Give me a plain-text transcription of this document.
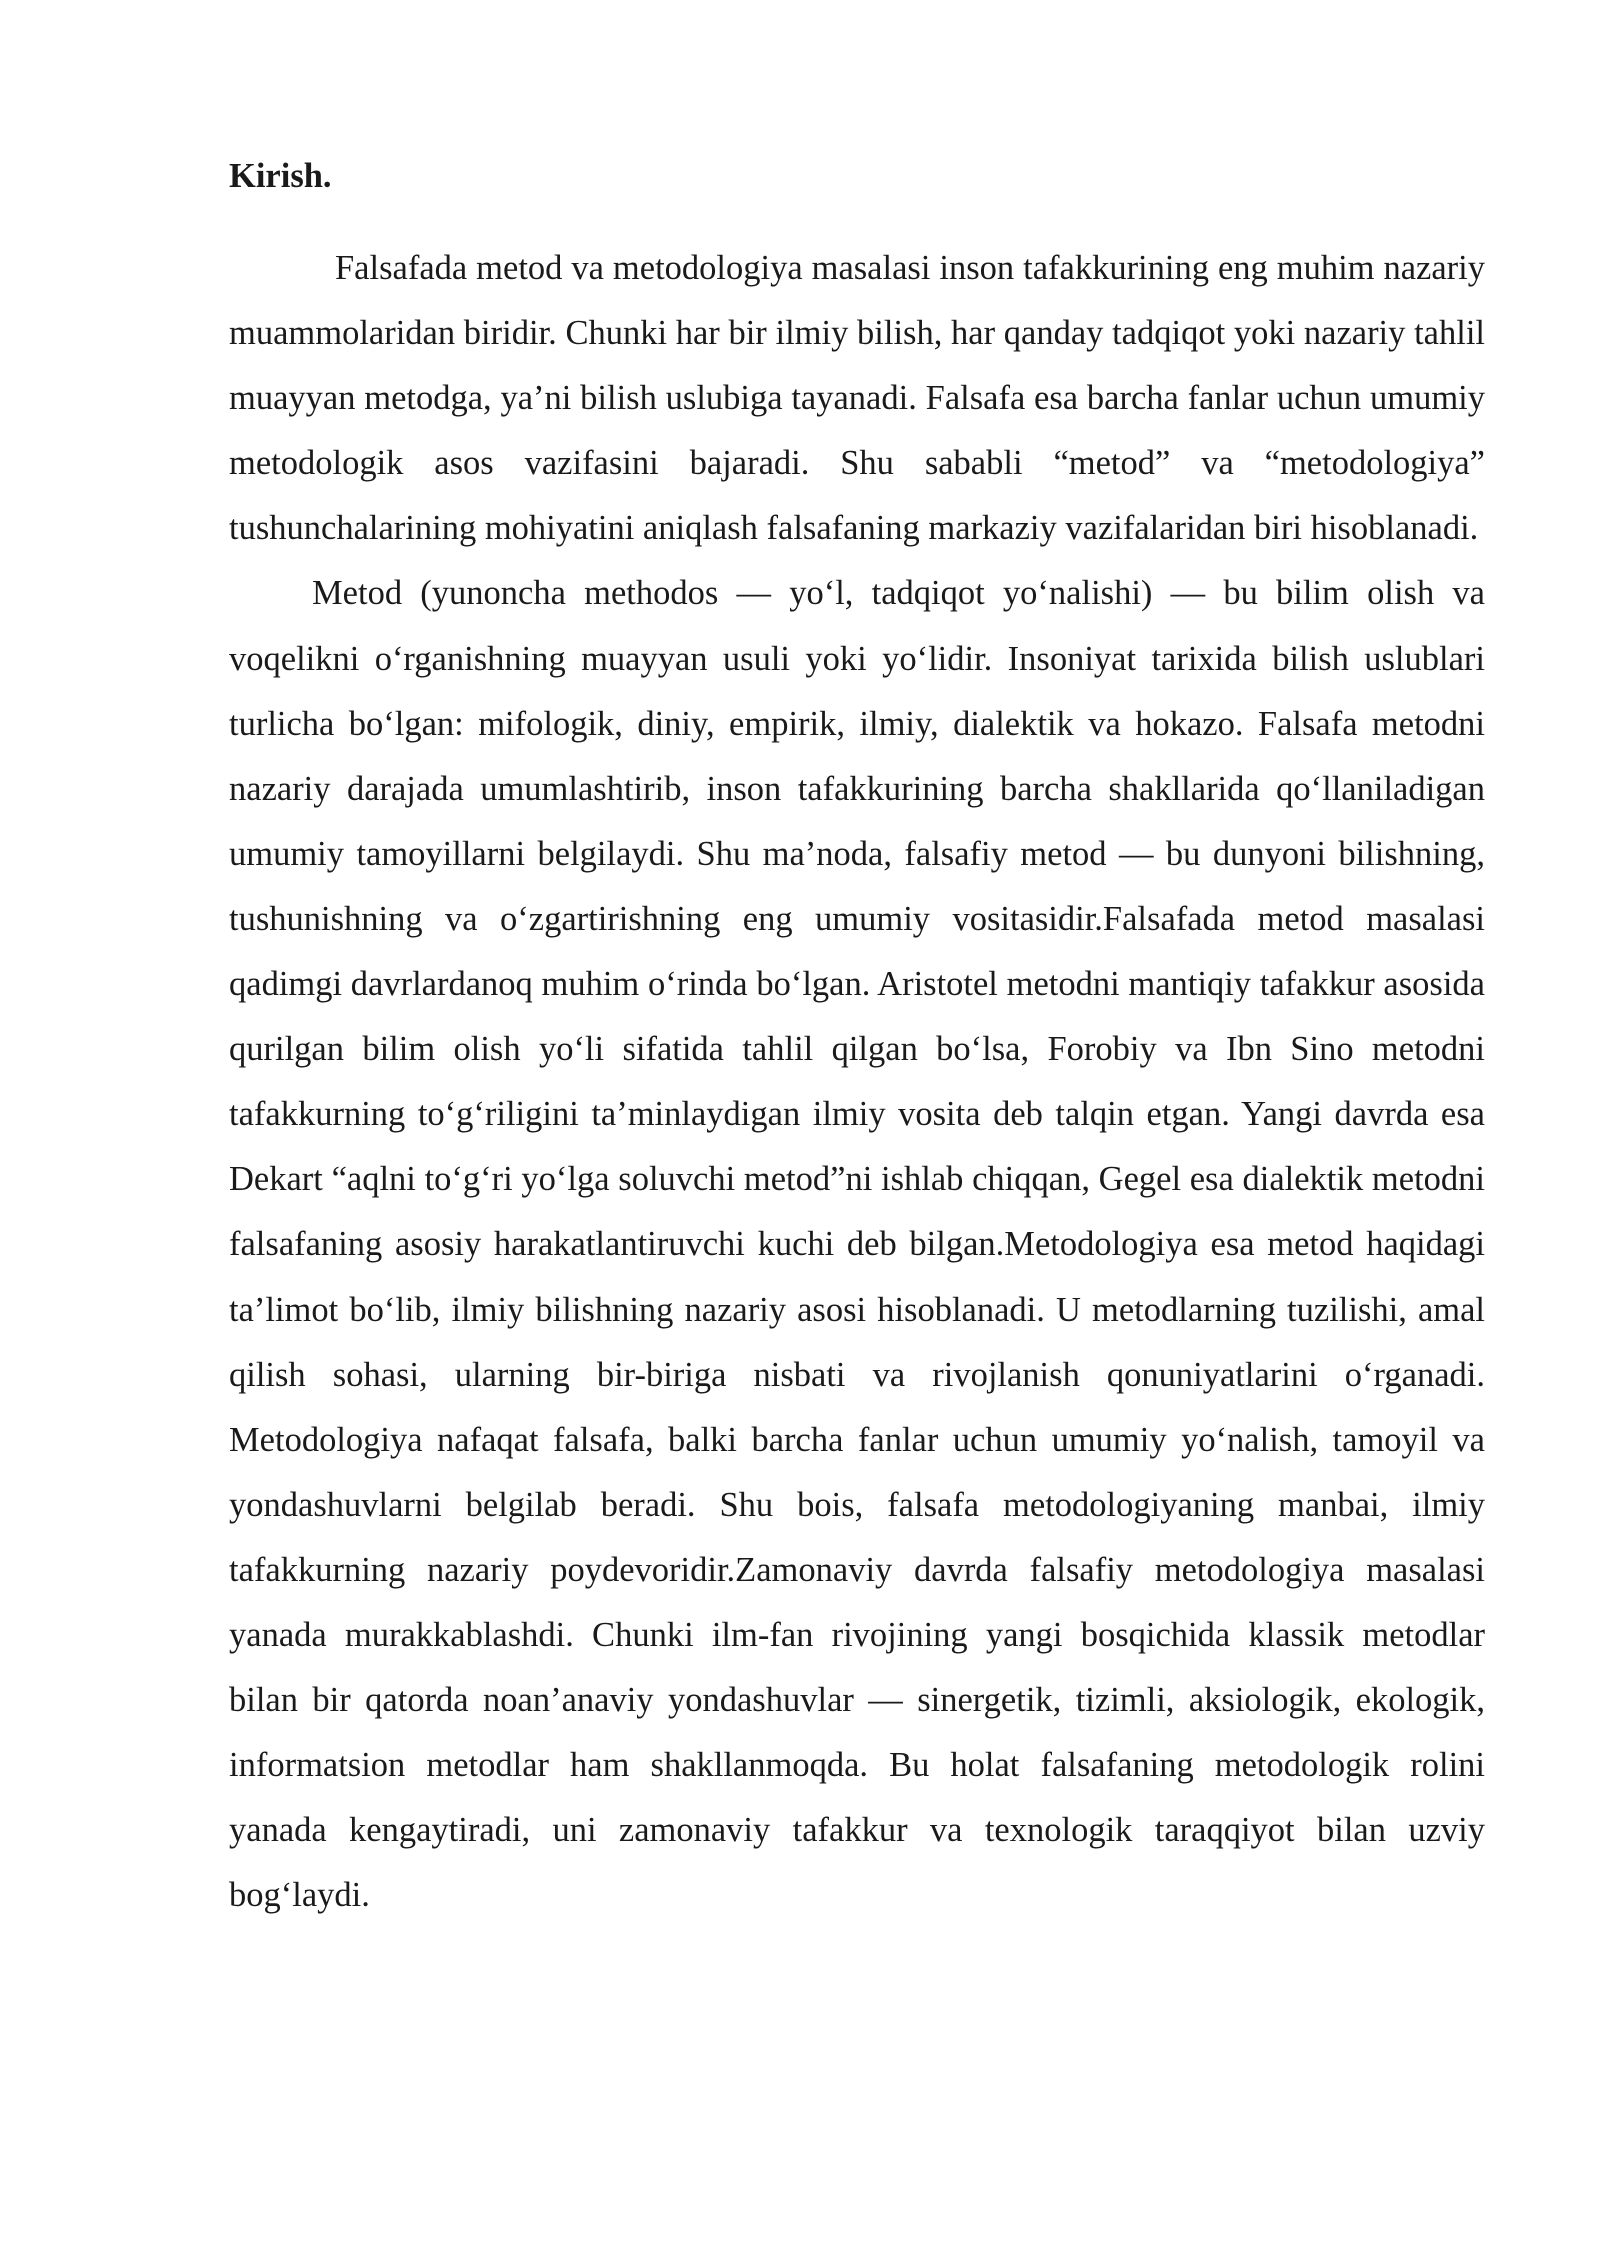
Kirish.

Falsafada metod va metodologiya masalasi inson tafakkurining eng muhim nazariy muammolaridan biridir. Chunki har bir ilmiy bilish, har qanday tadqiqot yoki nazariy tahlil muayyan metodga, ya’ni bilish uslubiga tayanadi. Falsafa esa barcha fanlar uchun umumiy metodologik asos vazifasini bajaradi. Shu sababli “metod” va “metodologiya” tushunchalarining mohiyatini aniqlash falsafaning markaziy vazifalaridan biri hisoblanadi.

Metod (yunoncha methodos — yo‘l, tadqiqot yo‘nalishi) — bu bilim olish va voqelikni o‘rganishning muayyan usuli yoki yo‘lidir. Insoniyat tarixida bilish uslublari turlicha bo‘lgan: mifologik, diniy, empirik, ilmiy, dialektik va hokazo. Falsafa metodni nazariy darajada umumlashtirib, inson tafakkurining barcha shakllarida qo‘llaniladigan umumiy tamoyillarni belgilaydi. Shu ma’noda, falsafiy metod — bu dunyoni bilishning, tushunishning va o‘zgartirishning eng umumiy vositasidir.Falsafada metod masalasi qadimgi davrlardanoq muhim o‘rinda bo‘lgan. Aristotel metodni mantiqiy tafakkur asosida qurilgan bilim olish yo‘li sifatida tahlil qilgan bo‘lsa, Forobiy va Ibn Sino metodni tafakkurning to‘g‘riligini ta’minlaydigan ilmiy vosita deb talqin etgan. Yangi davrda esa Dekart “aqlni to‘g‘ri yo‘lga soluvchi metod”ni ishlab chiqqan, Gegel esa dialektik metodni falsafaning asosiy harakatlantiruvchi kuchi deb bilgan.Metodologiya esa metod haqidagi ta’limot bo‘lib, ilmiy bilishning nazariy asosi hisoblanadi. U metodlarning tuzilishi, amal qilish sohasi, ularning bir-biriga nisbati va rivojlanish qonuniyatlarini o‘rganadi. Metodologiya nafaqat falsafa, balki barcha fanlar uchun umumiy yo‘nalish, tamoyil va yondashuvlarni belgilab beradi. Shu bois, falsafa metodologiyaning manbai, ilmiy tafakkurning nazariy poydevoridir.Zamonaviy davrda falsafiy metodologiya masalasi yanada murakkablashdi. Chunki ilm-fan rivojining yangi bosqichida klassik metodlar bilan bir qatorda noan’anaviy yondashuvlar — sinergetik, tizimli, aksiologik, ekologik, informatsion metodlar ham shakllanmoqda. Bu holat falsafaning metodologik rolini yanada kengaytiradi, uni zamonaviy tafakkur va texnologik taraqqiyot bilan uzviy bog‘laydi.
